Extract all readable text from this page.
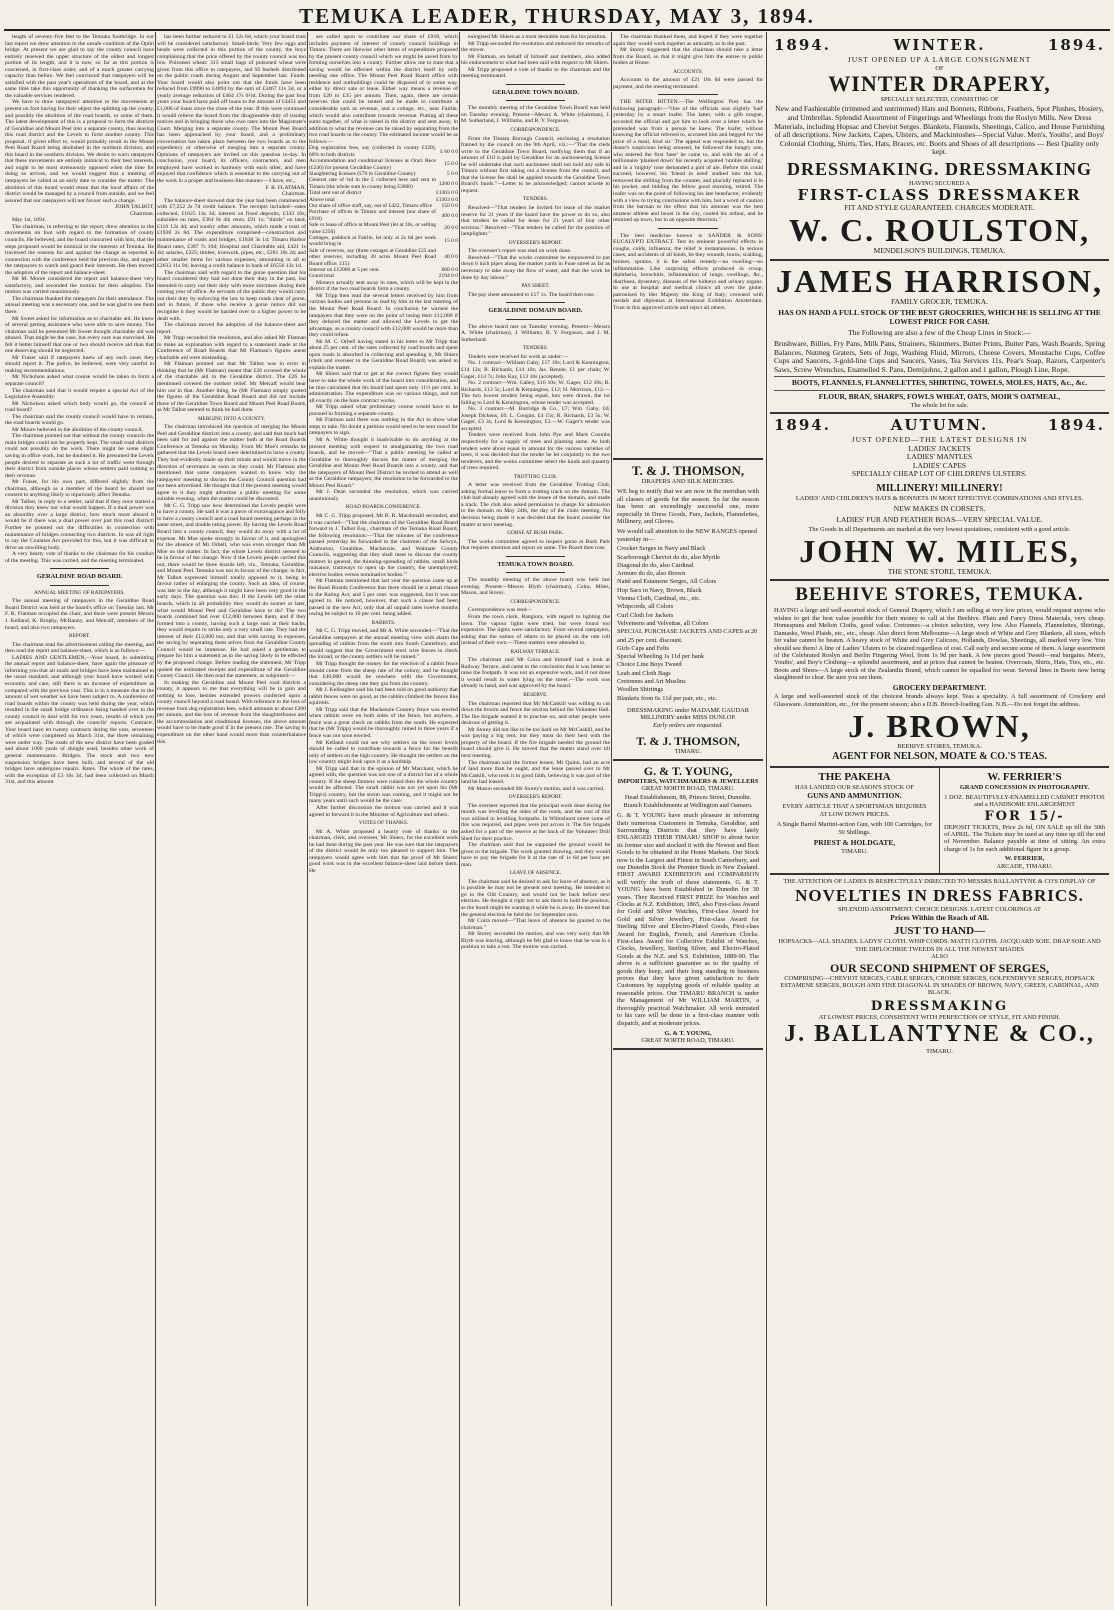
TEMUKA LEADER, THURSDAY, MAY 3, 1894.

length of seventy-five feet to the Temuka footbridge. In our last report we drew attention to the unsafe condition of the Opihi bridge. At present we are glad to say the county council have entirely renewed the upper structure of the oldest and longest portion of its length, and it is now, so far as this portion is concerned, in first-class order, and of a much greater carrying capacity than before. We feel convinced that ratepayers will be satisfied with the past year's operations of the board, and at the same time take this opportunity of thanking the surfacemen for the valuable services rendered.

We have to draw ratepayers' attention to the movements at present on foot having for their object the splitting up the county, and possibly the abolition of the road boards, or some of them. The latest development of this is a proposal to form the districts of Geraldine and Mount Peel into a separate county, thus leaving this road district and the Levels to form another county. This proposal, if given effect to, would probably result in the Mount Peel Road Board being abolished in the northern division, and this board in the southern division. We desire to warn ratepayers that these movements are entirely inimical to their best interests, and ought to be most strenuously opposed when the time for doing so arrives, and we would suggest that a meeting of ratepayers be called at an early date to consider the matter. The abolition of this board would mean that the local affairs of the district would be managed by a council from outside, and we feel assured that our ratepayers will not favour such a change.

JOHN TALBOT,

Chairman.

May 1st, 1894.

The chairman, in referring to the report, drew attention to the movements on foot with regard to the formation of county councils. He believed, and the board concurred with him, that the steps proposed would be inimical to the interests of Temuka. He traversed the reasons for and against the change as reported in connection with the conference held the previous day, and urged the ratepayers to watch and guard their interests. He then moved the adoption of the report and balance-sheet.

Mr M. Moore considered the report and balance-sheet very satisfactory, and seconded the motion for their adoption. The motion was carried unanimously.

The chairman thanked the ratepayers for their attendance. The annual meeting was a necessary one, and he was glad to see them there.

Mr Sweet asked for information as to charitable aid. He knew of several getting assistance who were able to save money. The chairman said he presumed Mr Sweet thought charitable aid was abused. That might be the case, but every care was exercised. He felt it better himself that one or two should receive aid than that one deserving should be neglected.

Mr Fraser said if ratepayers knew of any such cases they should report it. The police, he believed, were very careful in making recommendations.

Mr Nicholson asked what course would be taken to form a separate council?

The chairman said that it would require a special Act of the Legislative Assembly.

Mr Nicholson asked which body would go, the council or road board?

The chairman said the county council would have to remain, the road boards would go.

Mr Moore believed in the abolition of the county council.

The chairman pointed out that without the county councils the main bridges could not be properly kept. The small road districts could not possibly do the work. There might be some slight saving in office work, but he doubted it. He presumed the Levels people desired to separate as such a lot of traffic went through their district from outside places whose settlers paid nothing to their revenue.

Mr Fraser, for his own part, differed slightly from the chairman, although as a member of the board he should not consent to anything likely to injuriously affect Temuka.

Mr Talbot, in reply to a settler, said that if they once started a division they knew not what would happen. If a dual power was an absurdity over a large district, how much more absurd it would be if there was a dual power over just this road district! Further he pointed out the difficulties in connection with maintenance of bridges connecting two districts. In was all right to say the Counties Act provided for this, but it was difficult to drive an unwilling body.

A very hearty vote of thanks to the chairman for his conduct of the meeting. This was carried, and the meeting terminated.

GERALDINE ROAD BOARD.

ANNUAL MEETING OF RATEPAYERS.

The annual meeting of ratepayers in the Geraldine Road Board District was held at the board's office on Tuesday last. Mr F. R. Flatman occupied the chair, and there were present Messrs J. Kelland, K. Brophy, McRanny, and Metcalf, members of the board, and also two ratepayers.

REPORT.

The chairman read the advertisement calling the meeting, and then read the report and balance-sheet, which is as follows:—

LADIES AND GENTLEMEN,—Your board, in submitting the annual report and balance-sheet, have again the pleasure of informing you that all roads and bridges have been maintained to the usual standard, and although your board have worked with economy and care, still there is an increase of expenditure as compared with the previous year. This is in a measure due to the amount of wet weather we have been subject to. A conference of road boards within the county was held during the year, which resulted in the small bridge ordinance being handed over to the county council to deal with for two years, results of which you are acquainted with through the councils' reports. Contracts. Your board have let twenty contracts during the year, seventeen of which were completed on March 31st, the three remaining were under way. The roads of the new district have been graded and about 1000 yards of shingle used, besides other work of general maintenance. Bridges. The stock and two new suspension bridges have been built, and several of the old bridges have undergone repairs. Rates. The whole of the rates, with the exception of £3 16s 3d, had been collected on March 31st, and this amount

has been further reduced to £1 12s 6d, which your board trust will be considered satisfactory. Small-birds: Very few eggs and heads were collected in this portion of the county, the boys complaining that the price offered by the county council was too low. Poisoned wheat: 315 small bags of poisoned wheat were given from this office to ratepayers, and 92 bushels distributed on the public roads during August and September last. Funds: Your board would also point out that the funds have been reduced from £9990 to £4894 by the sum of £3467 11s 3d, or a yearly average reduction of £464 17s 6½d. During the past four years your board have paid off loans to the amount of £4451 and £1,000 of loans since the close of the year. If this were continued it would relieve the board from the disagreeable duty of issuing notices and in bringing those who owe rates into the Magistrate's Court. Merging into a separate county. The Mount Peel Board has been approached by your board, and a preliminary conversation has taken place between the two boards as to the expediency or otherwise of merging into a separate county. Opinions of ratepayers are invited on this question to-day. In conclusion, your board, its officers, contractors, and men employed have worked in harmony with each other, and have enjoyed that confidence which is essential to the carrying out of the work in a proper and business-like manner.—I have, etc.,

F. R. FLATMAN,

Chairman.

The balance-sheet showed that the year had been commenced with £7,252 2s 7d credit balance. The receipts included—rates collected, £1625 14s 3d; interest on fixed deposits, £343 10s; subsidies on rates, £364 0s 4d; rents, £91 1s; "thirds" on land, £116 12s 4d; and sundry other amounts, which made a total of £1938 2s 8d. The expenditure comprised—construction and maintenance of roads and bridges, £1038 3s 1d; Timaru Harbor Board rates, £387 7s 10d; Hospital and Charitable aid, £421 1s 4d; salaries, £225; timber, ironwork, pipes, etc., £201 10s 2d; and other smaller items for various expenses, amounting in all to £2633 11s 9d; leaving a credit balance in bank of £6556 13s 1d.

The chairman said with regard to the gorse question that his board considered they had not done their duty in the past, but intended to carry out their duty with more strictness during their coming year of office. As servants of the public they would carry out their duty by enforcing the law to keep roads clear of gorse, and in future, if those who receive a gorse notice did not recognise it they would be handed over to a higher power to be dealt with.

The chairman moved the adoption of the balance-sheet and report.

Mr Tripp seconded the resolution, and also asked Mr Flatman to make an explanation with regard to a statement made at the Conference of Road Boards that Mr Flatman's figures anent charitable aid were misleading.

Mr Flatman pointed out that Mr Talbot was in error in thinking that he (Mr Flatman) meant that £26 covered the whole of the charitable aid in the Geraldine district. The £26 he mentioned covered the outdoor relief. Mr Metcalf would bear him out in that. Another thing, he (Mr Flatman) simply quoted the figures of the Geraldine Road Board and did not include those of the Geraldine Town Board and Mount Peel Road Board, as Mr Talbot seemed to think he had done.

MERGING INTO A COUNTY.

The chairman introduced the question of merging the Mount Peel and Geraldine districts into a county, and said that much had been said for and against the matter both at the Road Boards Conference at Temuka on Monday. From Mr Moe's remarks he gathered that the Levels board were determined to have a county. They had evidently made up their minds and would move in the direction of severance as soon as they could. Mr Flatman also mentioned that some ratepayers wanted to know why the ratepayers' meeting to discuss the County Council question had not been advertised. He thought that if the present meeting would agree to it they might advertise a public meeting for some suitable evening, when the matter could be discussed.

Mr C. G. Tripp saw how determined the Levels people were to have a county. He said it was a piece of extravagance and folly to have a county council and a road board meeting perhaps in the same street, and double rating power. By having the Levels Road Board into a county council, they would do away with a lot of expense. Mr Moe spoke strongly in favour of it, and apologised for the absence of Mr Orbell, who was even stronger than Mr Moe on the matter. In fact, the whole Levels district seemed to be in favour of the change. Now if the Levels people carried this out, there would be three boards left, viz., Temuka, Geraldine, and Mount Peel. Temuka was not in favour of the change; in fact, Mr Talbot expressed himself totally opposed to it, being in favour rather of enlarging the county. Such an idea, of course, was late in the day, although it might have been very good in the early days. The question was this: If the Levels left the other boards, which in all probability they would do sooner or later, what would Mount Peel and Geraldine have to do? The two boards combined had over £12,000 between them, and if they formed into a county, having such a large sum at their backs, they would require to strike only a very small rate. They had the interest of their £12,000 too, and that with saving in expenses, the saving by separating them selves from the Geraldine County Council would be immense. He had asked a gentleman to prepare for him a statement as to the saving likely to be effected by the proposed change. Before reading the statement, Mr Tripp quoted the estimated receipts and expenditure of the Geraldine County Council. He then read the statement, as subjoined:—

In making the Geraldine and Mount Peel road districts a county, it appears to me that everything will be in gain and nothing to lose, besides extended powers conferred upon a county council beyond a road board. With reference to the loss of revenue from dog registration fees, which amounts to about £200 per annum, and the loss of revenue from the slaughterhouse and the accommodation and conditional licenses, the above amount would have to be made good if in the present rate. The saving in expenditure on the other hand would more than counterbalance this.

are called upon to contribute our share of £918, which includes payment of interest of county council buildings in Timaru. There are likewise other items of expenditure proposed by the present county council which we might be saved from by forming ourselves into a county. Further allow me to state that a saving would be effected within the district itself by only needing one office. The Mount Peel Road Board office with residence and outbuildings could be disposed of in some way, either by direct sale or lease. Either way means a revenue of from £20 to £35 per annum. Then, again, there are certain reserves that could be rented and be made to contribute a considerable sum as revenue, and a cottage, etc., near Fairlie, which would also contribute towards revenue. Putting all these sums together, of what is raised in the district and sent away, in addition to what the revenue can be raised by separating from the two road boards in the county. The estimated income would be as follows:—

Dog registration fees, say (collected in county £320), 60% to both districts	£ 60 0 0
Accommodation and conditional licenses at Orari Rece (£240) for present Geraldine County)	15 0 0
Slaughtering licenses (£70 in Geraldine County)	5 0 0
General rate of ¾d in the £ collected here and sent to Timaru (the whole sum in county being £3000)	1200 0 0
Total sent out of district	£1303 0 0
Above total	£1303 0 0
Our share of office staff, say, out of £422, Timaru office	150 0 0
Purchase of offices in Timaru and interest (our share of £918)	400 0 0
Sale or lease of office at Mount Peel (let at 10s, or selling value £250)	20 0 0
Cottages, paddock at Fairlie, let only at 2s 6d per week would bring in	15 0 0
Sale of reserves, say (three cottages at Geraldine £25 and other reserves, including 30 acres Mount Peel Road Board office, £15)	40 0 0
Interest on £12000 at 5 per cent.	600 0 0
Grand total	2194 0 0

Moneys actually sent away in rates, which will be kept in the district if the two road boards form a county.

Mr Tripp then read the several letters received by him from various bodies and persons as read by him at the last meeting of the Mount Peel Road Board. In conclusion he warned the ratepayers that they were on the point of losing their £12,000 if they delayed the matter and allowed the Levels to get the advantage, as a county council with £12,000 would be more than they could refuse.

Mr M. C. Orbell having stated in his letter to Mr Tripp that about 25 per cent. of the rates collected by road boards and spent upon roads is absorbed in collecting and spending it, Mr Shiers (clerk and overseer to the Geraldine Road Board) was asked to explain the matter.

Mr Shiers said that to get at the correct figures they would have to take the whole work of the board into consideration, and he thus calculated that his board had spent only 11½ per cent. in administration. The expenditure was on various things, and not all exactly on the bare contract works.

Mr Tripp asked what preliminary course would have to be pursued in forming a separate county.

Mr Flatman said there was nothing in the Act to show what steps to take. No doubt a petition would need to be sent round for ratepayers to sign.

Mr A. White thought it inadvisable to do anything at the present meeting with respect to amalgamating the two road boards, and he moved—"That a public meeting be called at Geraldine to thoroughly discuss the matter of merging the Geraldine and Mount Peel Road Boards into a county, and that the ratepayers of Mount Peel District be invited to attend as well as the Geraldine ratepayers; the resolution to be forwarded to the Mount Peel Board."

Mr J. Dean seconded the resolution, which was carried unanimously.

ROAD BOARDS CONFERENCE.

Mr C. G. Tripp proposed, Mr B. R. Macdonald seconded, and it was carried—"That the chairman of the Geraldine Road Board forward to J. Talbot Esq., chairman of the Temuka Road Board, the following resolution:—'That the minutes of the conference passed yesterday be forwarded to the chairmen of the Selwyn, Ashburton, Geraldine, Mackenzie, and Waimate County Councils, suggesting that they shall meet to discuss the county matters in general, the thinning-spreading of rabbits, small birds nuisance, tramways to open up the country, the unemployed; elective bodies versus nominative bodies.'"

Mr Flatman mentioned that last year the question came up at the Road Boards Conference that there should be a penal clause to the Rating Act, and 5 per cent. was suggested, but it was not agreed to. He noticed, however, that such a clause had been passed in the new Act, only that all unpaid rates twelve months owing be subject to 10 per cent. being added.

RABBITS.

Mr C. G. Tripp moved, and Mr A. White seconded—"That the Geraldine ratepayers at the annual meeting view with alarm the spreading of rabbits from the south into South Canterbury, and would suggest that the Government erect wire fences to check the inroad, or the county settlers will be ruined."

Mr Tripp thought the money for the erection of a rabbit fence should come from the sheep rate of the colony, and he thought that £40,000 would be nowhere with the Government, considering the sheep rate they got from the country.

Mr J. Kelleagher said his had been told on good authority that rabbit fences were no good, as the rabbits climbed the fences like squirrels.

Mr Tripp said that the Mackenzie Country fence was erected when rabbits were on both sides of the fence, but anyhow, a fence was a great check on rabbits from the south. He expected that he (Mr Tripp) would be thoroughly ruined in three years if a fence was not soon erected.

Mr Kelland could not see why settlers on the lower levels should be called to contribute towards a fence for the benefit only of settlers on the high country. He thought the settlers on the low country might look upon it as a hardship.

Mr Tripp said that in the opinion of Mr Marchant, which he agreed with, the question was not one of a district but of a whole country. If the sheep farmers were ruined then the whole country would be affected. The small rabbit was not yet upon his (Mr Tripp's) country, but the storm was coming, and it might not be many years until such would be the case.

After further discussion the motion was carried and it was agreed to forward it to the Minister of Agriculture and others.

VOTES OF THANKS.

Mr A. White proposed a hearty vote of thanks to the chairman, clerk, and overseer, Mr Shiers, for the excellent work he had done during the past year. He was sure that the ratepayers of the district would be only too pleased to support him. The ratepayers would agree with him that the proof of Mr Shiers' good work was in the excellent balance-sheet laid before them. He

eulogised Mr Shiers as a most desirable man for his position.

Mr Tripp seconded the resolution and endorsed the remarks of the mover.

Mr Flatman, on behalf of himself and members, also added his endorsement to what had been said with respect to Mr Shiers.

Mr Tripp proposed a vote of thanks to the chairman and the meeting terminated.

GERALDINE TOWN BOARD.

The monthly meeting of the Geraldine Town Board was held on Tuesday evening. Present—Messrs A. White (chairman), J. M. Sutherland, J. Williams, and R. Y. Ferguson.

CORRESPONDENCE.

From the Timaru Borough Council, enclosing a resolution framed by the council on the 9th April, viz.:—"That the clerk write to the Geraldine Town Board, notifying them that if an amount of £10 is paid by Geraldine for an auctioneering license he will undertake that such auctioneer shall not hold any sale in Timaru without first taking out a license from the council, and that the license fee shall be applied towards the Geraldine Town Board's funds."—Letter to be acknowledged; cannot accede to request.

TENDERS.

Resolved—"That tenders be invited for lease of the market reserve for 21 years if the board have the power to do so, also that tenders be called for lease for 21 years of four other sections." Resolved—"That tenders be called for the position of lamplighter."

OVERSEER'S REPORT.

The overseer's report was read on work done.

Resolved—"That the works committee be empowered to put down 6 inch pipes along the market yards in Fune street as far as necessary to take away the flow of water, and that the work be done by day labour."

PAY SHEET.

The pay sheet amounted to £17 1s. The board then rose.

GERALDINE DOMAIN BOARD.

The above board met on Tuesday evening. Present—Messrs A. White (chairman), J. Williams, B. Y. Ferguson, and J. M. Sutherland.

TENDERS.

Tenders were received for work as under:—

No. 1 contract—William Gaby, £17 10s; Lord & Kennington, £14 12s; R. Richards, £14 10s; Jas. Rennie, £1 per chain; W. Gager, £14 7s; John Kay, £13 10s (accepted).

No. 2 contract—Wm. Gabey, £16 10s; W. Gager, £12 10s; R. Richards, £12 5s; Lord & Kennington, £12; H. Morrison, £12.—The two lowest tenders being equal, lots were drawn, the lot falling to Lord & Kennington, whose tender was accepted.

No. 3 contract—M. Burridge & Co., £7; Wm. Gaby, £6; Joseph Dickens, £6; L. Coogan, £4 15s; R. Richards, £3 5s; W. Gager, £3 3s; Lord & Kennington, £3.—W. Gager's tender was accepted.

Tenders were received from John Pye and Mark Coombs respectively for a supply of trees and planting same. As both tenders were about equal in amount for the various varieties of trees, it was decided that the tender be let conjointly to the two tenderers, and the works committee select the kinds and quantity of trees required.

TROTTING CLUB.

A letter was received from the Geraldine Trotting Club, asking formal leave to form a trotting track on the domain. The club had already agreed with the lessee of the domain, and made a track. The club also asked permission to charge for admission to the domain on May 24th, the day of the clubs meeting. No decision being made it was decided that the board consider the matter at next meeting.

GORSE AT BUSH PARK.

The works committee agreed to inspect gorse at Bush Park that requires attention and report on same. The Board then rose.

TEMUKA TOWN BOARD.

The monthly meeting of the above board was held last evening. Present—Messrs Blyth (chairman), Coira, Miles, Mason, and Storey.

CORRESPONDENCE.

Correspondence was read—

From the town clerk, Rangiora, with regard to lighting the town. The vapour lights were tried, but were found too expensive. The lights were satisfactory. From several ratepayers, asking that the names of others to be placed on the rate roll instead of their own.—These matters were attended to.

RAILWAY TERRACE.

The chairman said Mr Coira and himself had a look at Railway Terrace, and came to the conclusion that it was better to raise the footpath. It was not an expensive work, and if not done it would result in water lying on the street.—The work was already in hand, and was approved by the board.

RESERVE.

The chairman reported that Mr McCaskill was willing to cut down the broom and fence the section behind the Volunteer Hall. The fire brigade wanted it to practise on, and other people were desirous of getting it.

Mr Storey did not like to be too hard on Mr McCaskill, and he was paying a big rent, but they must do their best with the property of the board. If the fire brigade needed the ground the board should give it. He moved that the matter stand over till next meeting.

The chairman said the former lessee, Mr Quinn, had an acre of land more than he ought, and the lease passed over to Mr McCaskill, who took it in good faith, believing it was part of the land he had leased.

Mr Mason seconded Mr Storey's motion, and it was carried.

OVERSEER'S REPORT.

The overseer reported that the principal work done during the month was levelling the sides of the roads, and the cost of this was utilised in levelling footpaths. In Wilmshurst street some of this was required, and pipes were put across it. The fire brigade asked for a part of the reserve at the back of the Volunteer Drill Shed for their practice.

The chairman said that he supposed the ground would be given to the brigade. The work granted drawing, and they would have to pay the brigade for it at the rate of 1s 6d per hour per man.

LEAVE OF ABSENCE.

The chairman said he desired to ask for leave of absence, as it is possible he may not be present next meeting. He intended to go to the Old Country, and would not be back before next election. He thought it right not to ask them to hold the position, as the board might be wanting it while he is away. He moved that the general election be held the 1st September next.

Mr Coira moved—"That leave of absence be granted to the chairman."

Mr Storey seconded the motion, and was very sorry that Mr Blyth was leaving, although he felt glad to know that he was in a position to take a rest. The motion was carried.

The chairman thanked them, and hoped if they were together again they would work together as amicably as in the past.

Mr Storey suggested that the chairman should take a letter from the Board, so that it might give him the entree to public bodies at Home.

ACCOUNTS.

Accounts to the amount of £21 18s 6d were passed for payment, and the meeting terminated.

THE BITER BITTEN.—The Wellington Post has the following paragraph:—"One of the officials was slightly 'had' yesterday by a smart loafer. The latter, with a glib tongue, accosted the official and got him to look over a letter which he pretended was from a person he knew. The loafer, without knowing the official referred to, accosted him and begged for 'the price of a meal, kind sir.' The appeal was responded to, but the donor's suspicions being aroused, he followed the hungry one, who entered the first 'beer' he came to, and with the air of a millionaire 'planked down' his recently acquired 'nimble shilling,' and in a 'mighty' tone demanded a pint of ale. Before this could succeed, however, his 'friend in need' stalked into the bar, removed the shilling from the counter, and placidly replaced it in his pocket, and bidding the fellow good morning, retired. The loafer was on the point of following his late benefactor, evidently with a view to trying conclusions with him, but a word of caution from the barman to the effect that his almoner was the best amateur athlete and boxer in the city, cooled his ardour, and he returned up town, but in an opposite direction."

The best medicine known is SANDER & SONS' EUCALYPTI EXTRACT. Test its eminent powerful effects in coughs, colds, influenza; the relief is instantaneous. In serious cases, and accidents of all kinds, be they wounds, burns, scalding, bruises, sprains, it is the safest remedy—no swelling—no inflammation. Like surprising effects produced in croup, diphtheria, bronchitis, inflammation of lungs, swellings, &c., diarrhoea, dysentery, diseases of the kidneys and urinary organs. In use at hospital and medical clinics all over the globe; patronised by Her Majesty the King of Italy; crowned with medals and diplomas at International Exhibition Amsterdam. Trust in this approved article and reject all others.

T. & J. THOMSON,
DRAPERS AND SILK MERCERS.

WE beg to notify that we are now in the meridian with all classes of goods for the season. So far the season has been an exceedingly successful one, more especially in Dress Goods, Furs, Jackets, Flannelettes, Millinery, and Gloves.

We would call attention to the NEW RANGES opened yesterday in—

Crocker Serges in Navy and Black
Scarborough Cheviot do do, also Myrtle
Diagonal do do, also Cardinal
Armure do do, also Brown
Natté and Estamene Serges, All Colors
Hop Sacs in Navy, Brown, Black
Vienna Cloth, Cardinal, etc., etc.
Whipcords, all Colors
Curl Cloth for Jackets
Velveteens and Velvettas, all Colors
SPECIAL PURCHASE JACKETS AND CAPES at 20 and 25 per cent. discount.
Girls Caps and Felts
Special Wheeling 1s 11d per hank
Choice Line Boys Tweed
Leah and Cloth Bags
Cretonnes and Art Muslins
Woollen Shirtings
Blankets from 6s 11d per pair, etc., etc.
DRESSMAKING under MADAME GAUDAR
MILLINERY under MISS DUNLOP.
Early orders are requested.
T. & J. THOMSON,
TIMARU.
G. & T. YOUNG,
IMPORTERS, WATCHMAKERS & JEWELLERS
GREAT NORTH ROAD, TIMARU.
Head Establishment, 88, Princes Street, Dunedin. Branch Establishments at Wellington and Oamaru.

G. & T. YOUNG have much pleasure in informing their numerous Customers in Temuka, Geraldine, and Surrounding Districts that they have lately ENLARGED THEIR TIMARU SHOP to about twice its former size and stocked it with the Newest and Best Goods to be obtained in the Home Markets. Our Stock now is the Largest and Finest in South Canterbury, and our Dunedin Stock the Premier Stock in New Zealand. FIRST AWARD EXHIBITION and COMPARISON will verify the truth of these statements. G. & T. YOUNG have been Established in Dunedin for 30 years. They Received FIRST PRIZE for Watches and Clocks at N.Z. Exhibition, 1865, also First-class Award for Gold and Silver Watches, First-class Award for Gold and Silver Jewellery, First-class Award for Sterling Silver and Electro-Plated Goods, First-class Award for English, French, and American Clocks. First-class Award for Collective Exhibit of Watches, Clocks, Jewellery, Sterling Silver, and Electro-Plated Goods at the N.Z. and S.S. Exhibition, 1889-90. The above is a sufficient guarantee as to the quality of goods they keep, and their long standing in business proves that they have given satisfaction to their Customers by supplying goods of reliable quality at reasonable prices. Our TIMARU BRANCH is under the Management of Mr WILLIAM MARTIN, a thoroughly practical Watchmaker. All work entrusted to his care will be done in a first-class manner with dispatch, and at moderate prices.

G. & T. YOUNG,
GREAT NORTH ROAD, TIMARU.
1894.	WINTER.	1894.
JUST OPENED UP A LARGE CONSIGNMENT
OF
WINTER DRAPERY,
SPECIALLY SELECTED, CONSISTING OF

New and Fashionable (trimmed and untrimmed) Hats and Bonnets, Ribbons, Feathers, Spot Plushes, Hosiery, and Umbrellas. Splendid Assortment of Fingerings and Wheelings from the Roslyn Mills. New Dress Materials, including Hopsac and Cheviot Serges. Blankets, Flannels, Sheetings, Calico, and House Furnishing of all descriptions. New Jackets, Capes, Ulsters, and Mackintoshes—Special Value. Men's, Youths', and Boys' Colonial Clothing, Shirts, Ties, Hats, Braces, etc. Boots and Shoes of all descriptions — Best Quality only kept.

DRESSMAKING. DRESSMAKING
HAVING SECURED A
FIRST-CLASS DRESSMAKER
FIT AND STYLE GUARANTEED. CHARGES MODERATE.
W. C. ROULSTON,
MENDELSON'S BUILDINGS, TEMUKA.
JAMES HARRISON,
FAMILY GROCER, TEMUKA.

HAS ON HAND A FULL STOCK OF THE BEST GROCERIES, WHICH HE IS SELLING AT THE LOWEST PRICE FOR CASH.

The Following are also a few of the Cheap Lines in Stock:—

Brushware, Billies, Fry Pans, Milk Pans, Strainers, Skimmers, Butter Prints, Butter Pats, Wash Boards, Spring Balances, Nutmeg Graters, Sets of Jugs, Washing Fluid, Mirrors, Cheese Covers, Moustache Cups, Coffee Cups and Saucers, 3-gold-line Cups and Saucers, Vases, Tea Services 11s, Pear's Soap, Razors, Carpenter's Saws, Screw Wrenches, Enamelled S. Pans, Demijohns, 2 gallon and 1 gallon, Plough Line, Rope.

BOOTS, FLANNELS, FLANNELETTES, SHIRTING, TOWELS, MOLES, HATS, &c., &c.
FLOUR, BRAN, SHARPS, FOWLS WHEAT, OATS, MOIR'S OATMEAL,
The whole lot for sale.
1894.	AUTUMN.	1894.
JUST OPENED—THE LATEST DESIGNS IN
LADIES' JACKETS
LADIES' MANTLES
LADIES' CAPES
SPECIALLY CHEAP LOT OF CHILDREN'S ULSTERS.
MILLINERY! MILLINERY!
LADIES' AND CHILDREN'S HATS & BONNETS IN MOST EFFECTIVE COMBINATIONS AND STYLES.
NEW MAKES IN CORSETS.
LADIES' FUR AND FEATHER BOAS—VERY SPECIAL VALUE.
The Goods in all Departments are marked at the very lowest quotations, consistent with a good article.
JOHN W. MILES,
THE STONE STORE, TEMUKA.
BEEHIVE STORES, TEMUKA.

HAVING a large and well-assorted stock of General Drapery, which I am selling at very low prices, would request anyone who wishes to get the best value possible for their money to call at the Beehive. Plain and Fancy Dress Materials, very cheap. Homespuns and Melton Cloths, good value. Cretonnes—a choice selection, very low. Also Flannels, Flannelettes, Shirtings, Damasks, Wool Plaids, etc., etc., cheap. Also direct from Melbourne—A large stock of White and Grey Blankets, all sizes, which for value cannot be beaten. A heavy stock of White and Grey Calicoes, Hollands, Dowlas, Sheetings, all marked very low. You should see them! A line of Ladies' Ulsters to be cleared regardless of cost. Call early and secure some of them. A large assortment of the Celebrated Roslyn and Berlin Fingering Wool, from 1s 9d per hank. A few pieces good Tweed—real bargains. Men's, Youths', and Boy's Clothing—a splendid assortment, and at prices that cannot be beaten. Overcoats, Shirts, Hats, Ties, etc., etc. Boots and Shoes—A large stock of the Zealandia Brand, which cannot be equalled for wear. Several lines in Boots now being slaughtered to clear. Be sure you see them.

GROCERY DEPARTMENT.

A large and well-assorted stock of the choicest brands always kept. Teas a speciality. A full assortment of Crockery and Glassware. Ammunition, etc., for the present season; also a D.B. Breech-loading Gun. N.B.—Do not forget the address.

J. BROWN,
BEEHIVE STORES, TEMUKA.
AGENT FOR NELSON, MOATE & CO.'S TEAS.
THE PAKEHA
HAS LANDED OUR SEASON'S STOCK OF
GUNS AND AMMUNITION.
EVERY ARTICLE THAT A SPORTSMAN REQUIRES
AT LOW DOWN PRICES.
A Single Barrel Martini-action Gun, with 100 Cartridges, for 50 Shillings.
PRIEST & HOLDGATE,
TIMARU.
W. FERRIER'S
GRAND CONCESSION IN PHOTOGRAPHY.
1 DOZ. BEAUTIFULLY-ENAMELLED CABINET PHOTOS and a HANDSOME ENLARGEMENT
FOR 15/-
DEPOSIT TICKETS, Price 2s 6d, ON SALE up till the 30th of APRIL. The Tickets may be used at any time up till the end of November. Balance payable at time of sitting. An extra charge of 1s for each additional figure in a group.
W. FERRIER,
ARCADE, TIMARU.
THE ATTENTION OF LADIES IS RESPECTFULLY DIRECTED TO MESSRS BALLANTYNE & CO'S DISPLAY OF
NOVELTIES IN DRESS FABRICS.
SPLENDID ASSORTMENT. CHOICE DESIGNS. LATEST COLORINGS AT
Prices Within the Reach of All.
JUST TO HAND—
HOPSACKS—ALL SHADES. LADYS' CLOTH. WHIP CORDS. MATTI CLOTHS. JACQUARD SOIE. DRAP SOIE AND THE DIPLOCHRIE TWEEDS IN ALL THE NEWEST SHADES
ALSO
OUR SECOND SHIPMENT OF SERGES,
COMPRISING—CHEVIOT SERGES, CABLE SERGES, CROISIE SERGES, GOLFENDRYVE SERGES, HOPSACK ESTAMENE SERGES, ROUGH AND FINE DIAGONAL IN SHADES OF BROWN, NAVY, GREEN, CARDINAL, AND BLACK.
DRESSMAKING
AT LOWEST PRICES, CONSISTENT WITH PERFECTION OF STYLE, FIT AND FINISH.
J. BALLANTYNE & CO.,
TIMARU.
